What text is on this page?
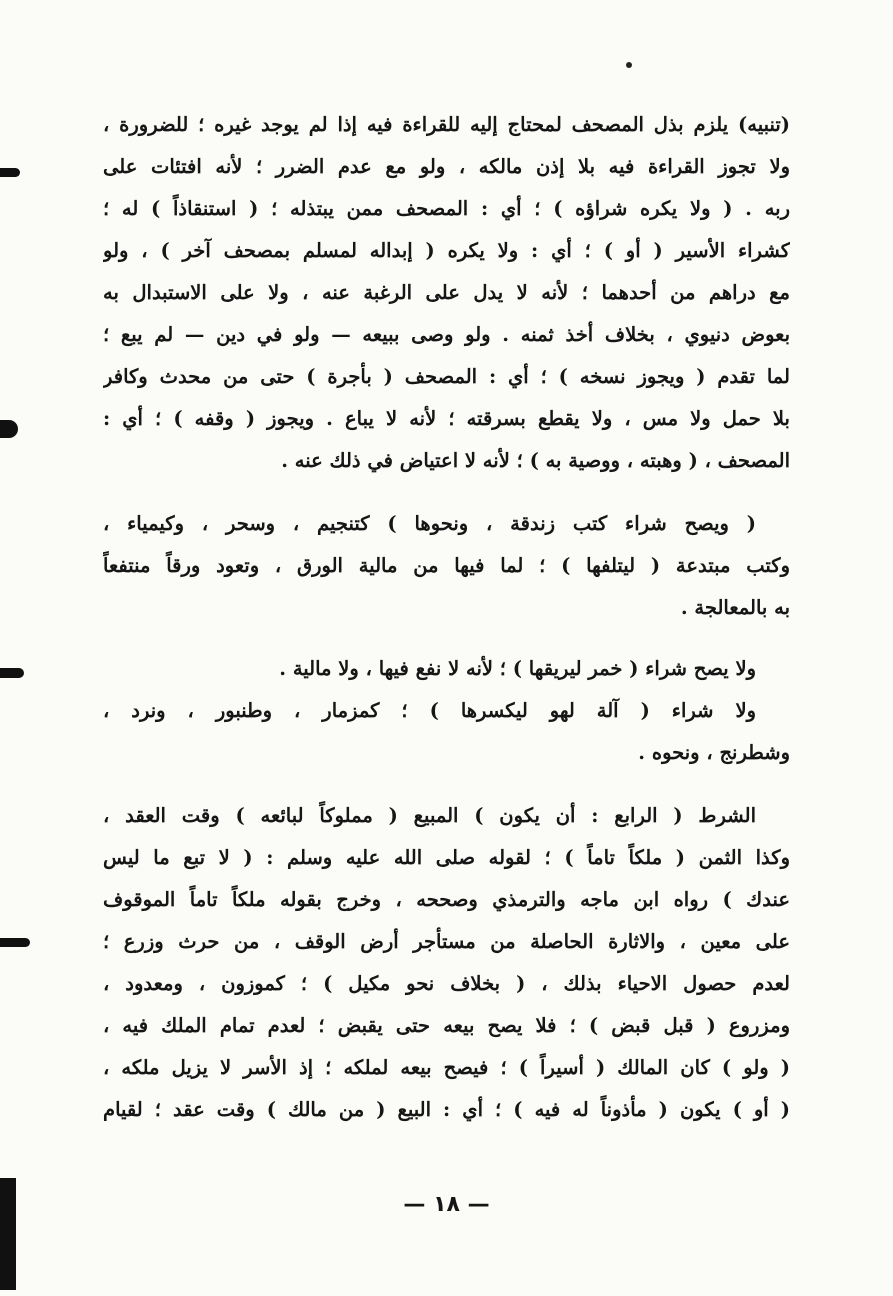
(تنبيه) يلزم بذل المصحف لمحتاج إليه للقراءة فيه إذا لم يوجد غيره ؛ للضرورة ،
ولا تجوز القراءة فيه بلا إذن مالكه ، ولو مع عدم الضرر ؛ لأنه افتئات على
ربه . ( ولا يكره شراؤه ) ؛ أي : المصحف ممن يبتذله ؛ ( استنقاذاً ) له ؛
كشراء الأسير ( أو ) ؛ أي : ولا يكره ( إبداله لمسلم بمصحف آخر ) ، ولو
مع دراهم من أحدهما ؛ لأنه لا يدل على الرغبة عنه ، ولا على الاستبدال به
بعوض دنيوي ، بخلاف أخذ ثمنه . ولو وصى ببيعه — ولو في دين — لم يبع ؛
لما تقدم ( ويجوز نسخه ) ؛ أي : المصحف ( بأجرة ) حتى من محدث وكافر
بلا حمل ولا مس ، ولا يقطع بسرقته ؛ لأنه لا يباع . ويجوز ( وقفه ) ؛ أي :
المصحف ، ( وهبته ، ووصية به ) ؛ لأنه لا اعتياض في ذلك عنه .
( ويصح شراء كتب زندقة ، ونحوها ) كتنجيم ، وسحر ، وكيمياء ،
وكتب مبتدعة ( ليتلفها ) ؛ لما فيها من مالية الورق ، وتعود ورقاً منتفعاً
به بالمعالجة .
ولا يصح شراء ( خمر ليريقها ) ؛ لأنه لا نفع فيها ، ولا مالية .
ولا شراء ( آلة لهو ليكسرها ) ؛ كمزمار ، وطنبور ، ونرد ،
وشطرنج ، ونحوه .
الشرط ( الرابع : أن يكون ) المبيع ( مملوكاً لبائعه ) وقت العقد ،
وكذا الثمن ( ملكاً تاماً ) ؛ لقوله صلى الله عليه وسلم : ( لا تبع ما ليس
عندك ) رواه ابن ماجه والترمذي وصححه ، وخرج بقوله ملكاً تاماً الموقوف
على معين ، والاثارة الحاصلة من مستأجر أرض الوقف ، من حرث وزرع ؛
لعدم حصول الاحياء بذلك ، ( بخلاف نحو مكيل ) ؛ كموزون ، ومعدود ،
ومزروع ( قبل قبض ) ؛ فلا يصح بيعه حتى يقبض ؛ لعدم تمام الملك فيه ،
( ولو ) كان المالك ( أسيراً ) ؛ فيصح بيعه لملكه ؛ إذ الأسر لا يزيل ملكه ،
( أو ) يكون ( مأذوناً له فيه ) ؛ أي : البيع ( من مالك ) وقت عقد ؛ لقيام
— ١٨ —
